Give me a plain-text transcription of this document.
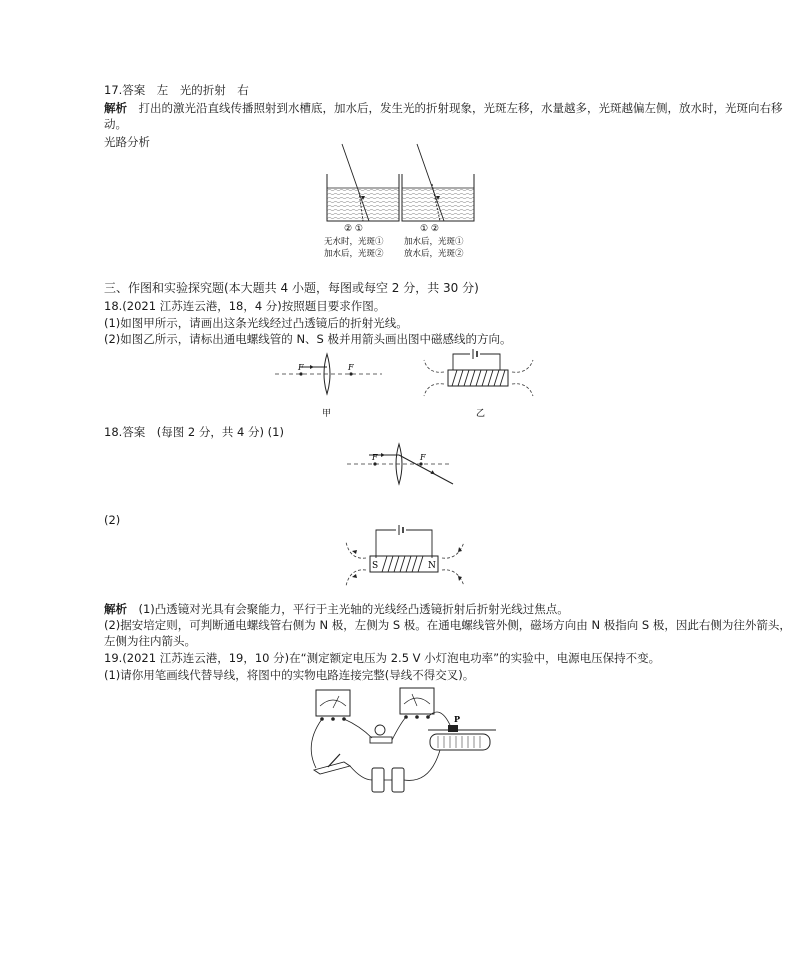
17.答案　左　光的折射　右
解析　打出的激光沿直线传播照射到水槽底，加水后，发生光的折射现象，光斑左移，水量越多，光斑越偏左侧，放水时，光斑向右移
动。
光路分析
② ①	① ②
无水时，光斑①
加水后，光斑②
加水后，光斑①
放水后，光斑②
三、作图和实验探究题(本大题共 4 小题，每图或每空 2 分，共 30 分)
18.(2021 江苏连云港，18，4 分)按照题目要求作图。
(1)如图甲所示，请画出这条光线经过凸透镜后的折射光线。
(2)如图乙所示，请标出通电螺线管的 N、S 极并用箭头画出图中磁感线的方向。
F	F
甲	乙
18.答案　(每图 2 分，共 4 分) (1)
F	F
(2)
S	N
解析　(1)凸透镜对光具有会聚能力，平行于主光轴的光线经凸透镜折射后折射光线过焦点。
(2)据安培定则，可判断通电螺线管右侧为 N 极，左侧为 S 极。在通电螺线管外侧，磁场方向由 N 极指向 S 极，因此右侧为往外箭头，
左侧为往内箭头。
19.(2021 江苏连云港，19，10 分)在“测定额定电压为 2.5 V 小灯泡电功率”的实验中，电源电压保持不变。
(1)请你用笔画线代替导线，将图中的实物电路连接完整(导线不得交叉)。
P
